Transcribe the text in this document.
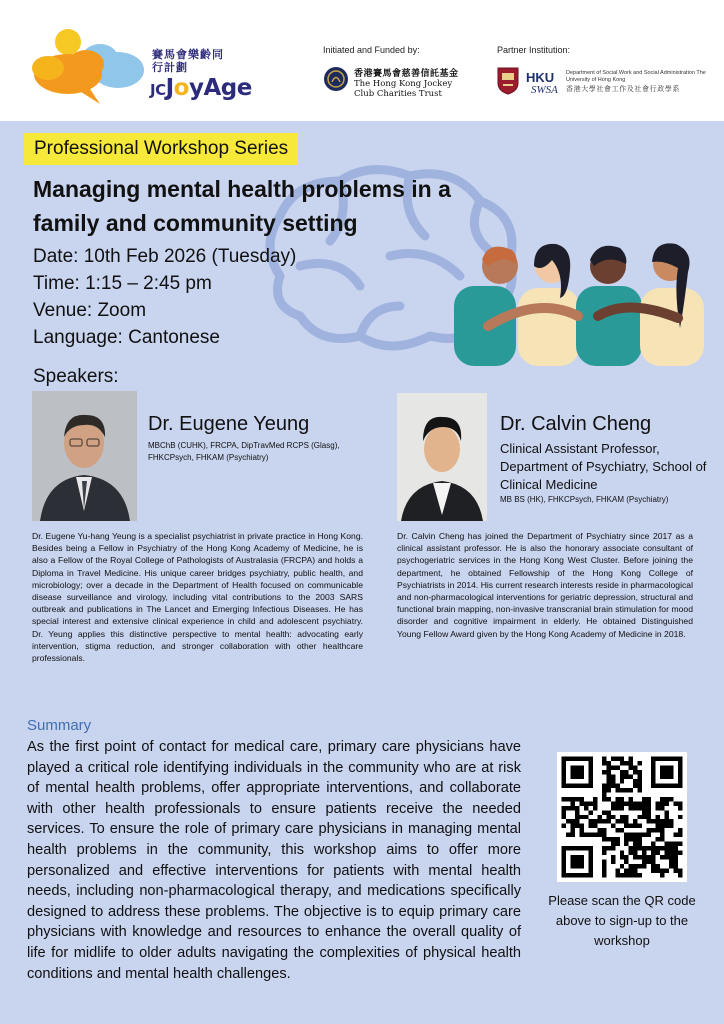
賽馬會樂齡同行計劃
JCJoyAge
Initiated and Funded by:
香港賽馬會慈善信託基金
The Hong Kong Jockey Club Charities Trust
Partner Institution:
HKU
SWSA
Department of Social Work and Social Administration The University of Hong Kong
香港大學社會工作及社會行政學系
Professional Workshop Series
Managing mental health problems in a family and community setting
Date: 10th Feb 2026 (Tuesday)
Time: 1:15 – 2:45 pm
Venue: Zoom
Language: Cantonese
Speakers:
Dr. Eugene Yeung
MBChB (CUHK), FRCPA, DipTravMed RCPS (Glasg), FHKCPsych, FHKAM (Psychiatry)
Dr. Eugene Yu-hang Yeung is a specialist psychiatrist in private practice in Hong Kong. Besides being a Fellow in Psychiatry of the Hong Kong Academy of Medicine, he is also a Fellow of the Royal College of Pathologists of Australasia (FRCPA) and holds a Diploma in Travel Medicine. His unique career bridges psychiatry, public health, and microbiology; over a decade in the Department of Health focused on communicable disease surveillance and virology, including vital contributions to the 2003 SARS outbreak and publications in The Lancet and Emerging Infectious Diseases. He has special interest and extensive clinical experience in child and adolescent psychiatry. Dr. Yeung applies this distinctive perspective to mental health: advocating early intervention, stigma reduction, and stronger collaboration with other healthcare professionals.
Dr. Calvin Cheng
Clinical Assistant Professor, Department of Psychiatry, School of Clinical Medicine
MB BS (HK), FHKCPsych, FHKAM (Psychiatry)
Dr. Calvin Cheng has joined the Department of Psychiatry since 2017 as a clinical assistant professor. He is also the honorary associate consultant of psychogeriatric services in the Hong Kong West Cluster. Before joining the department, he obtained Fellowship of the Hong Kong College of Psychiatrists in 2014. His current research interests reside in pharmacological and non-pharmacological interventions for geriatric depression, structural and functional brain mapping, non-invasive transcranial brain stimulation for mood disorder and cognitive impairment in elderly. He obtained Distinguished Young Fellow Award given by the Hong Kong Academy of Medicine in 2018.
Summary
As the first point of contact for medical care, primary care physicians have played a critical role identifying individuals in the community who are at risk of mental health problems, offer appropriate interventions, and collaborate with other health professionals to ensure patients receive the needed services. To ensure the role of primary care physicians in managing mental health problems in the community, this workshop aims to offer more personalized and effective interventions for patients with mental health needs, including non-pharmacological therapy, and medications specifically designed to address these problems. The objective is to equip primary care physicians with knowledge and resources to enhance the overall quality of life for midlife to older adults navigating the complexities of physical health conditions and mental health challenges.
Please scan the QR code above to sign-up to the workshop
